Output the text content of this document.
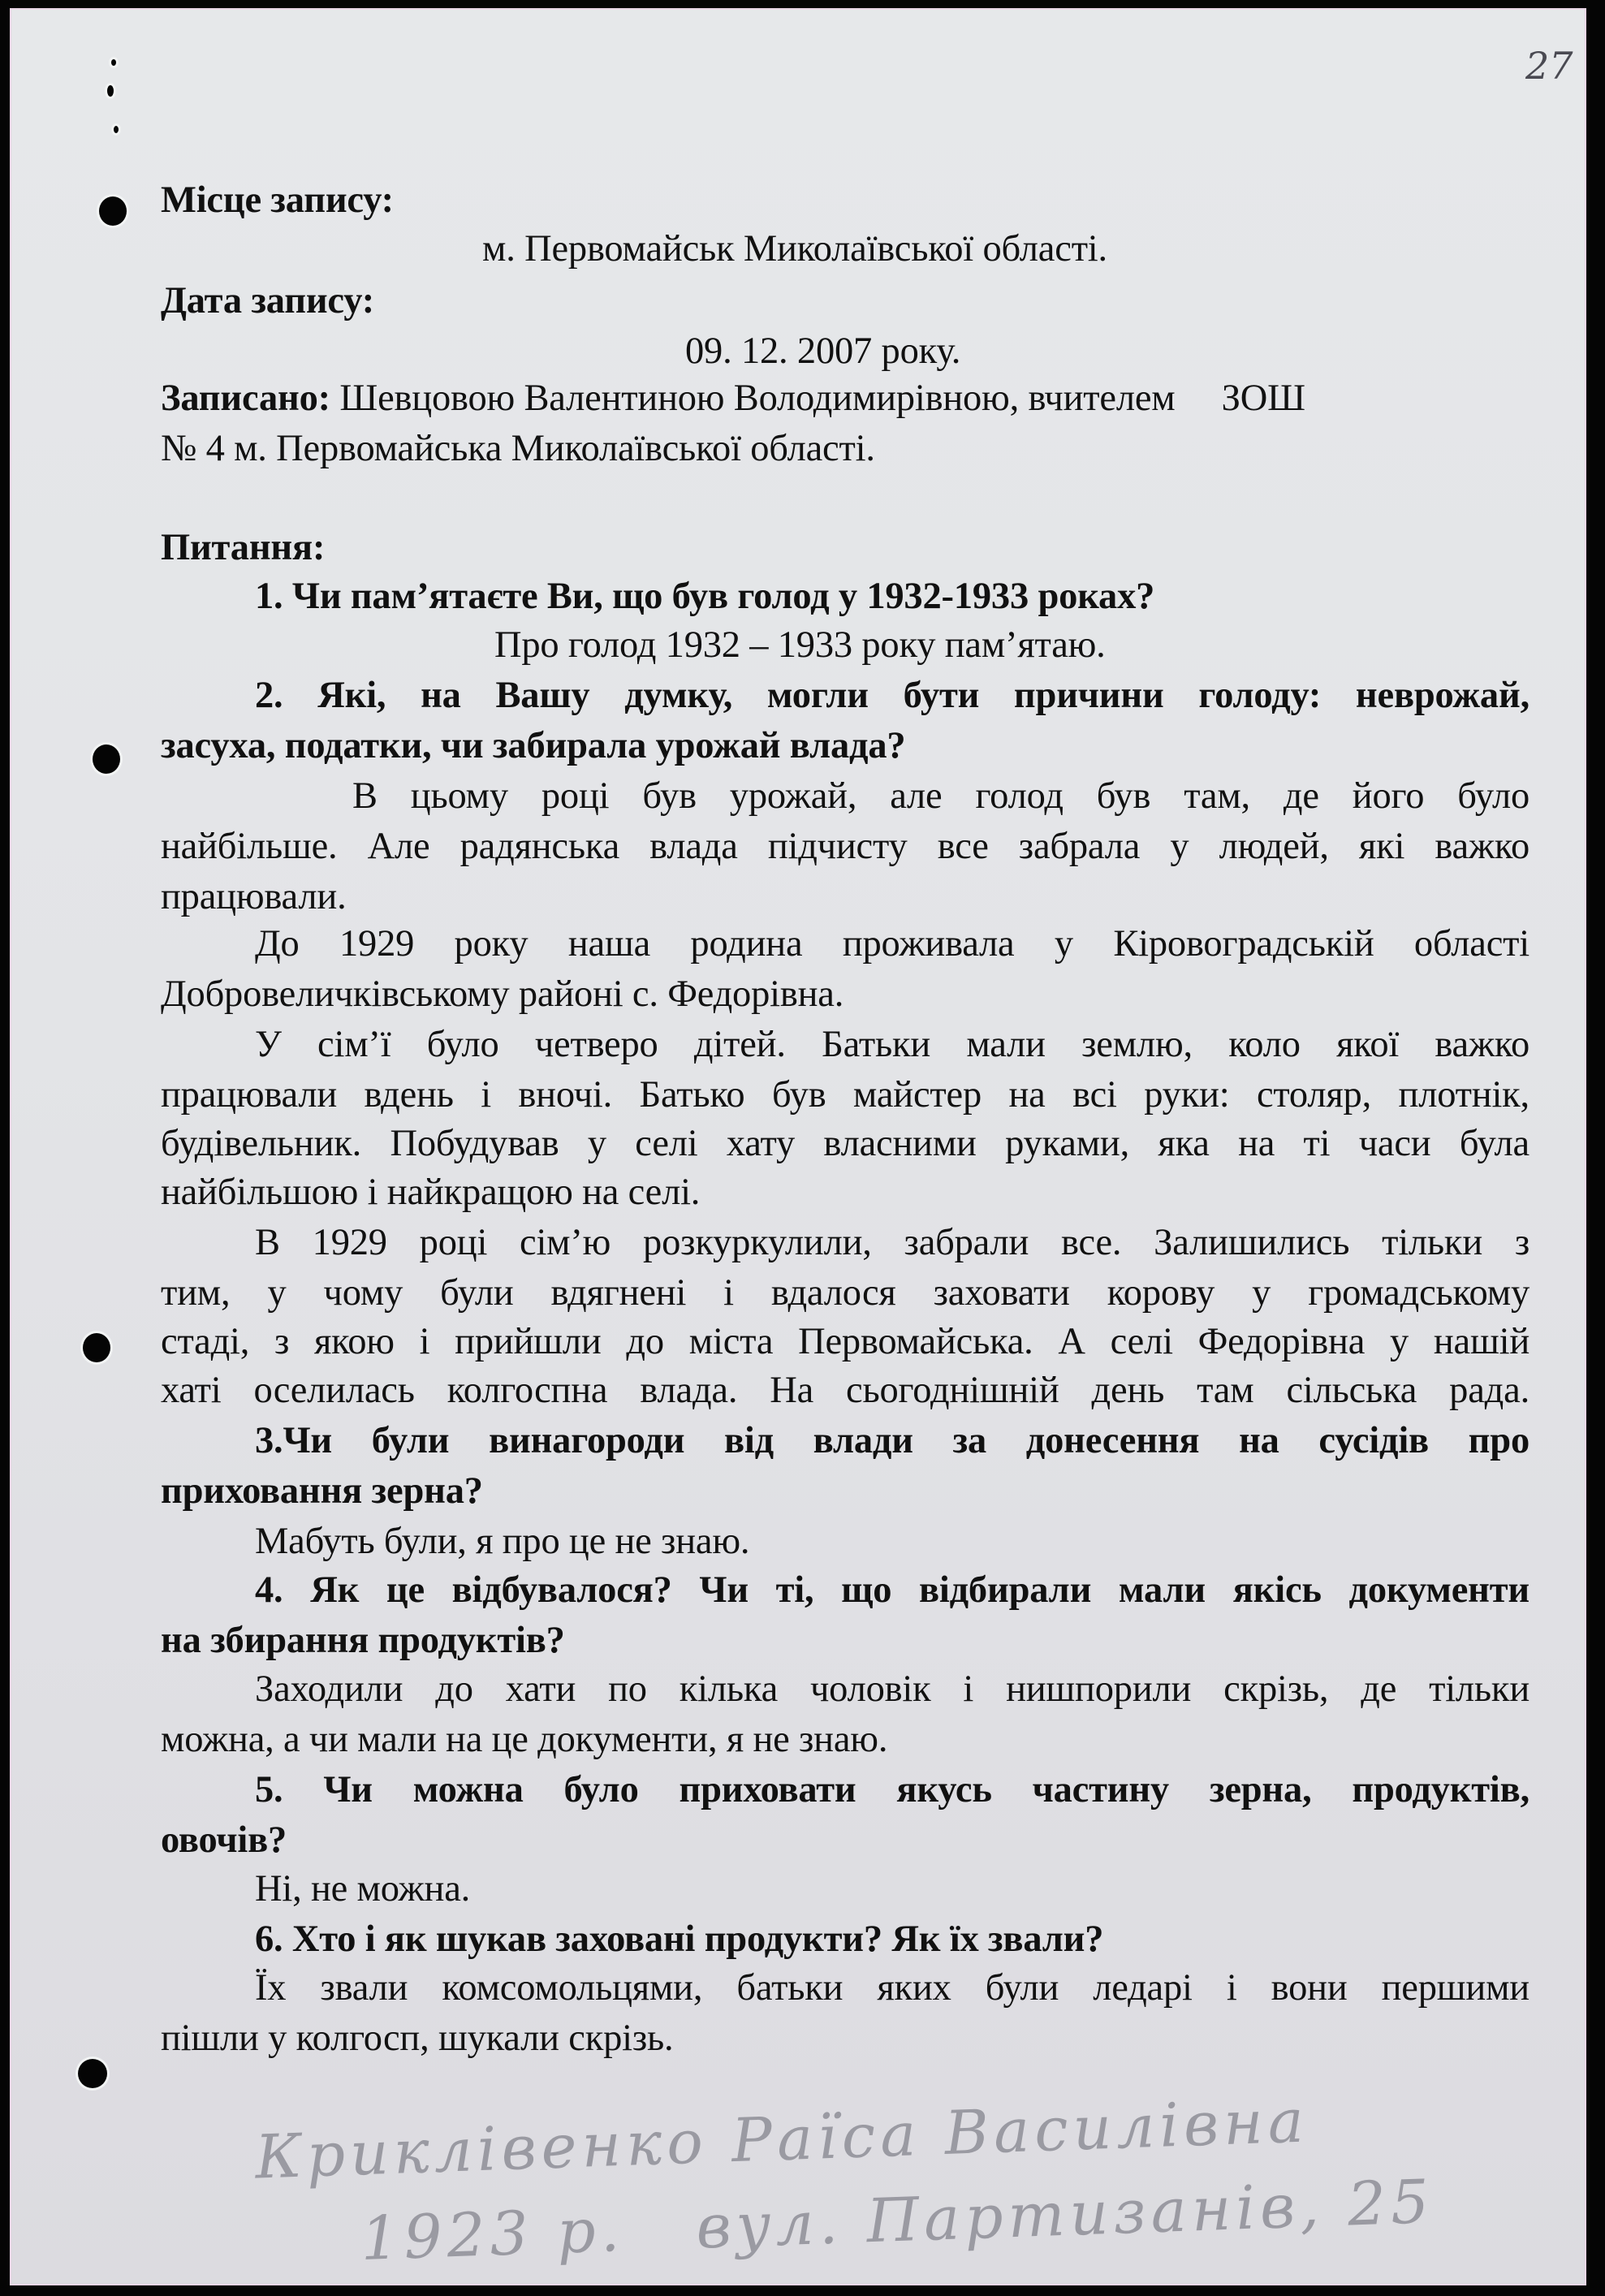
27
Місце запису:
м. Первомайськ Миколаївської області.
Дата запису:
09. 12. 2007 року.
Записано: Шевцовою Валентиною Володимирівною, вчителем     ЗОШ
№ 4 м. Первомайська Миколаївської області.
Питання:
1. Чи пам’ятаєте Ви, що був голод у 1932-1933 роках?
Про голод 1932 – 1933 року пам’ятаю.
2. Які, на Вашу думку, могли бути причини голоду: неврожай,
засуха, податки, чи забирала урожай влада?
В цьому році був урожай, але голод був там, де його було
найбільше. Але радянська влада підчисту все забрала у людей, які важко
працювали.
До 1929 року наша родина проживала у Кіровоградській області
Добровеличківському районі с. Федорівна.
У сім’ї було четверо дітей. Батьки мали землю, коло якої важко
працювали вдень і вночі. Батько був майстер на всі руки: столяр, плотнік,
будівельник. Побудував у селі хату власними руками, яка на ті часи була
найбільшою і найкращою на селі.
В 1929 році сім’ю розкуркулили, забрали все. Залишились тільки з
тим, у чому були вдягнені і вдалося заховати корову у громадському
стаді, з якою і прийшли до міста Первомайська. А селі Федорівна у нашій
хаті оселилась колгоспна влада. На сьогоднішній день там сільська рада.
3.Чи були винагороди від влади за донесення на сусідів про
приховання зерна?
Мабуть були, я про це не знаю.
4. Як це відбувалося? Чи ті, що відбирали мали якісь документи
на збирання продуктів?
Заходили до хати по кілька чоловік і нишпорили скрізь, де тільки
можна, а чи мали на це документи, я не знаю.
5. Чи можна було приховати якусь частину зерна, продуктів,
овочів?
Ні, не можна.
6. Хто і як шукав заховані продукти? Як їх звали?
Їх звали комсомольцями, батьки яких були ледарі і вони першими
пішли у колгосп, шукали скрізь.
Криклівенко Раїса Василівна
1923 р.   вул. Партизанів, 25
